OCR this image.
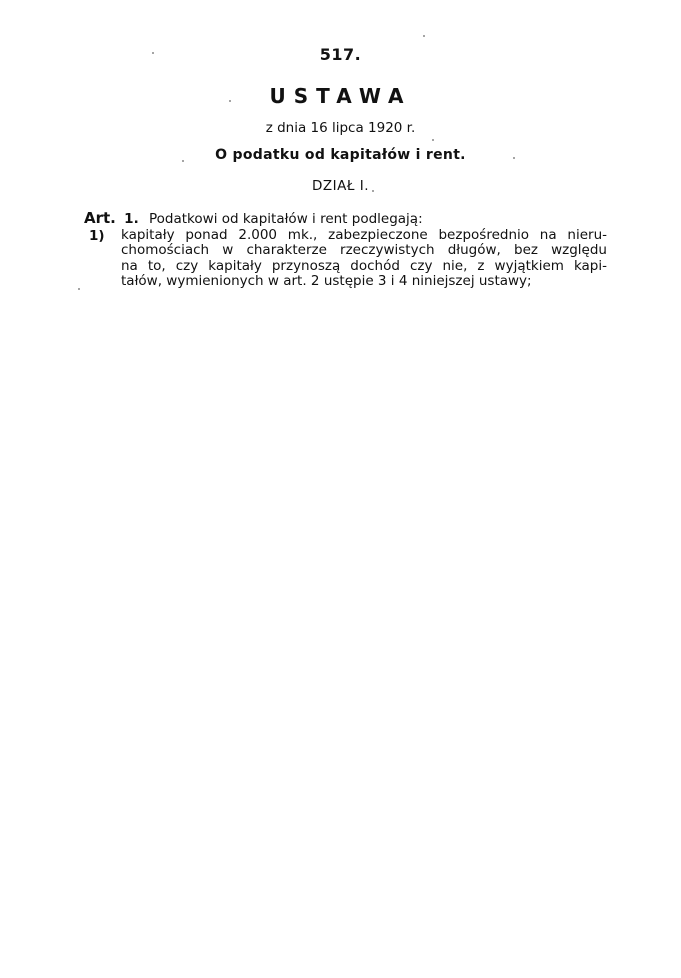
517.
USTAWA
z dnia 16 lipca 1920 r.
O podatku od kapitałów i rent.
DZIAŁ I.
Art. 1. Podatkowi od kapitałów i rent podlegają:
1) kapitały ponad 2.000 mk., zabezpieczone bezpośrednio na nieru-
chomościach w charakterze rzeczywistych długów, bez względu
na to, czy kapitały przynoszą dochód czy nie, z wyjątkiem kapi-
tałów, wymienionych w art. 2 ustępie 3 i 4 niniejszej ustawy;
